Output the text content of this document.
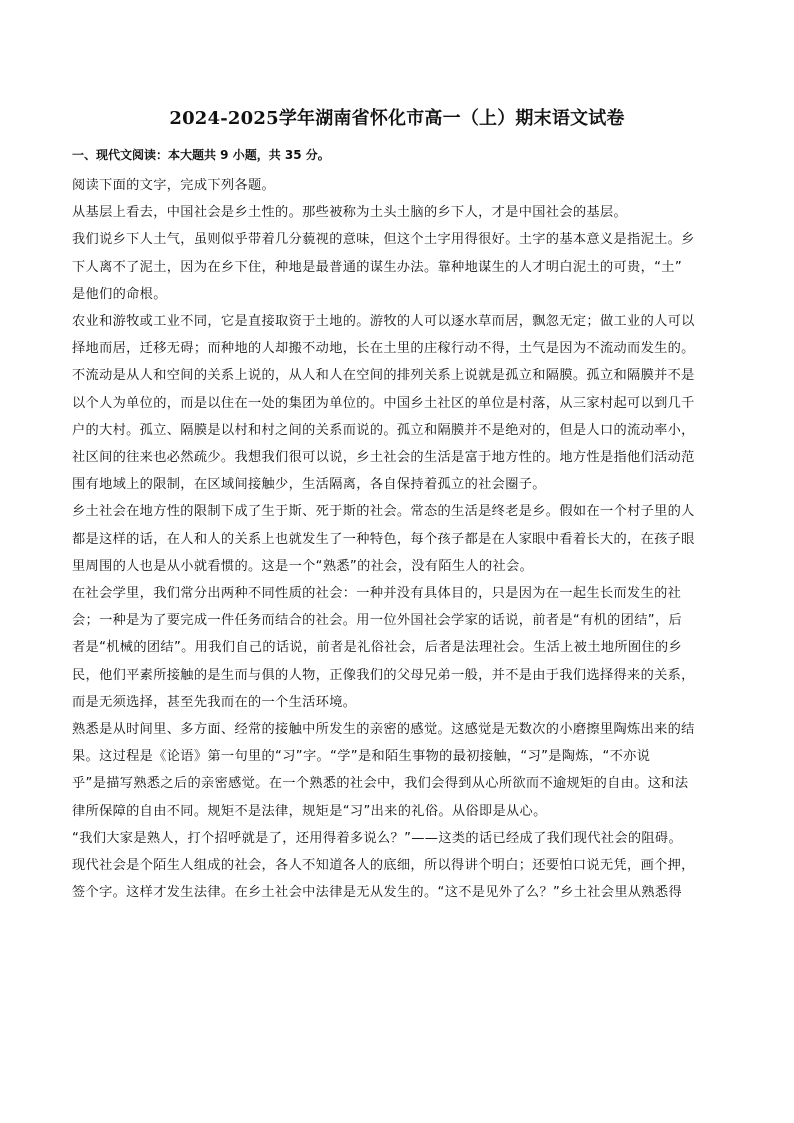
2024-2025学年湖南省怀化市高一（上）期末语文试卷
一、现代文阅读：本大题共 9 小题，共 35 分。
阅读下面的文字，完成下列各题。
从基层上看去，中国社会是乡土性的。那些被称为土头土脑的乡下人，才是中国社会的基层。
我们说乡下人土气，虽则似乎带着几分藐视的意味，但这个土字用得很好。土字的基本意义是指泥土。乡
下人离不了泥土，因为在乡下住，种地是最普通的谋生办法。靠种地谋生的人才明白泥土的可贵，“土”
是他们的命根。
农业和游牧或工业不同，它是直接取资于土地的。游牧的人可以逐水草而居，飘忽无定；做工业的人可以
择地而居，迁移无碍；而种地的人却搬不动地，长在土里的庄稼行动不得，土气是因为不流动而发生的。
不流动是从人和空间的关系上说的，从人和人在空间的排列关系上说就是孤立和隔膜。孤立和隔膜并不是
以个人为单位的，而是以住在一处的集团为单位的。中国乡土社区的单位是村落，从三家村起可以到几千
户的大村。孤立、隔膜是以村和村之间的关系而说的。孤立和隔膜并不是绝对的，但是人口的流动率小，
社区间的往来也必然疏少。我想我们很可以说，乡土社会的生活是富于地方性的。地方性是指他们活动范
围有地域上的限制，在区域间接触少，生活隔离，各自保持着孤立的社会圈子。
乡土社会在地方性的限制下成了生于斯、死于斯的社会。常态的生活是终老是乡。假如在一个村子里的人
都是这样的话，在人和人的关系上也就发生了一种特色，每个孩子都是在人家眼中看着长大的，在孩子眼
里周围的人也是从小就看惯的。这是一个“熟悉”的社会，没有陌生人的社会。
在社会学里，我们常分出两种不同性质的社会：一种并没有具体目的，只是因为在一起生长而发生的社
会；一种是为了要完成一件任务而结合的社会。用一位外国社会学家的话说，前者是“有机的团结”，后
者是“机械的团结”。用我们自己的话说，前者是礼俗社会，后者是法理社会。生活上被土地所囿住的乡
民，他们平素所接触的是生而与俱的人物，正像我们的父母兄弟一般，并不是由于我们选择得来的关系，
而是无须选择，甚至先我而在的一个生活环境。
熟悉是从时间里、多方面、经常的接触中所发生的亲密的感觉。这感觉是无数次的小磨擦里陶炼出来的结
果。这过程是《论语》第一句里的“习”字。“学”是和陌生事物的最初接触，“习”是陶炼，“不亦说
乎”是描写熟悉之后的亲密感觉。在一个熟悉的社会中，我们会得到从心所欲而不逾规矩的自由。这和法
律所保障的自由不同。规矩不是法律，规矩是“习”出来的礼俗。从俗即是从心。
“我们大家是熟人，打个招呼就是了，还用得着多说么？”——这类的话已经成了我们现代社会的阻碍。
现代社会是个陌生人组成的社会，各人不知道各人的底细，所以得讲个明白；还要怕口说无凭，画个押，
签个字。这样才发生法律。在乡土社会中法律是无从发生的。“这不是见外了么？”乡土社会里从熟悉得
